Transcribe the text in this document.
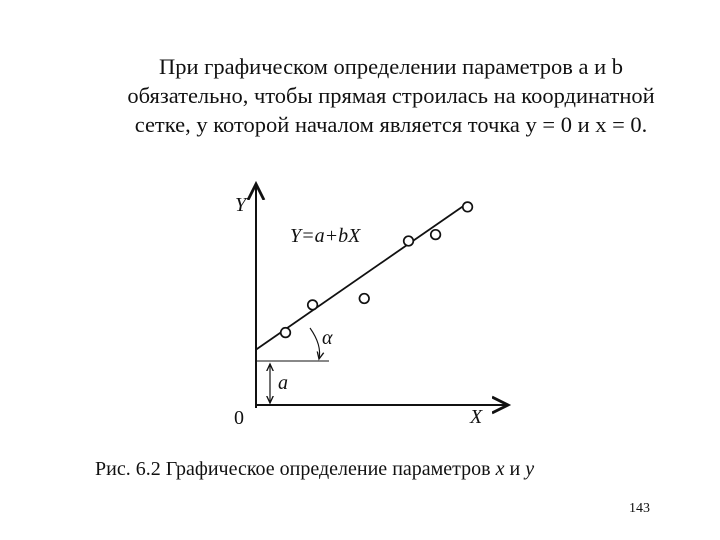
При графическом определении параметров a и b
обязательно, чтобы прямая строилась на координатной
сетке, у которой началом является точка y = 0 и x = 0.

Y
X
0
Y=a+bX
α
a
Рис. 6.2 Графическое определение параметров x и y
143
